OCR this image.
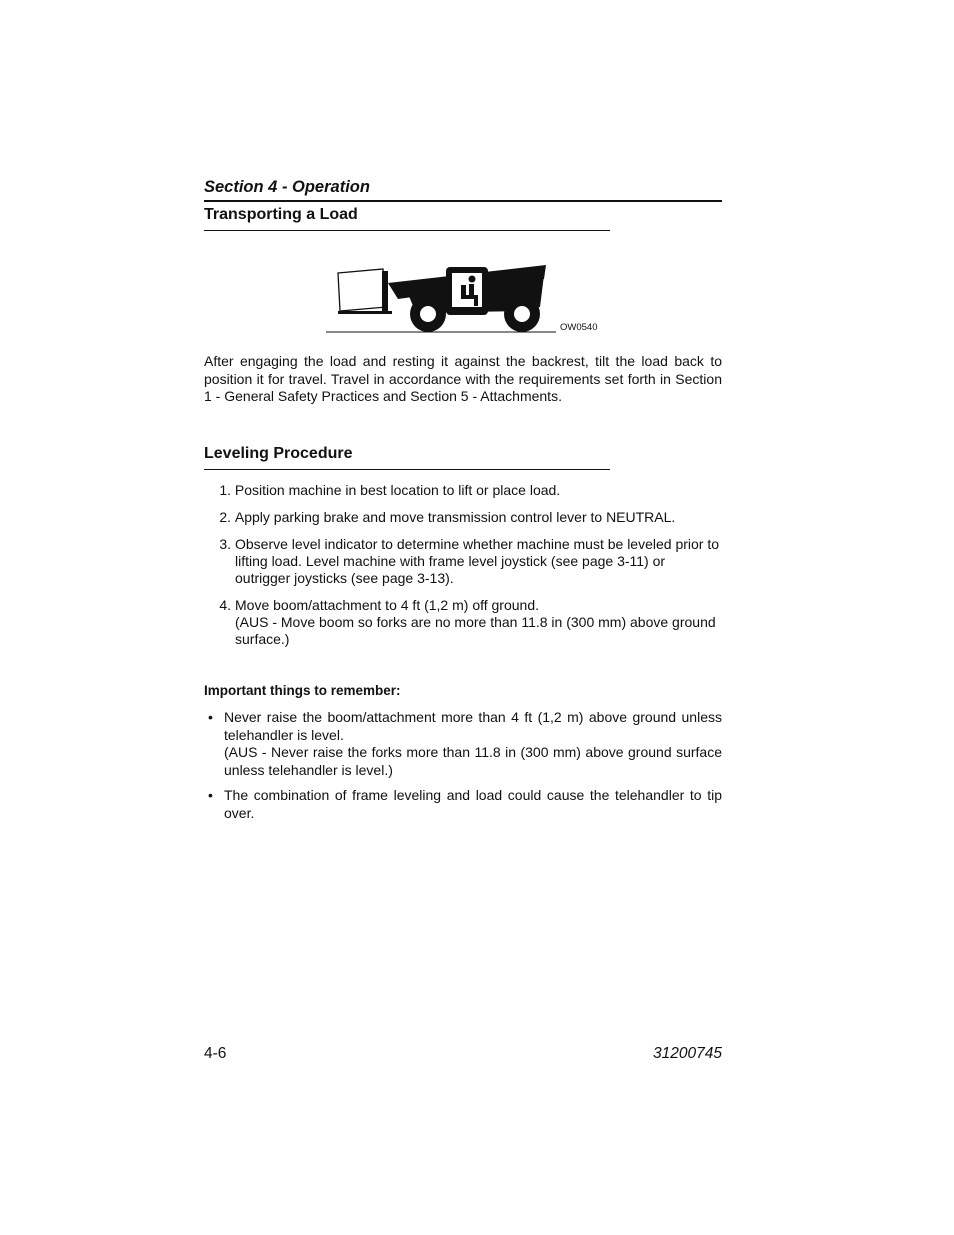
Section 4 - Operation
Transporting a Load
OW0540

After engaging the load and resting it against the backrest, tilt the load back to position it for travel. Travel in accordance with the requirements set forth in Section 1 - General Safety Practices and Section 5 - Attachments.

Leveling Procedure
1. Position machine in best location to lift or place load.
2. Apply parking brake and move transmission control lever to NEUTRAL.
3. Observe level indicator to determine whether machine must be leveled prior to lifting load. Level machine with frame level joystick (see page 3-11) or outrigger joysticks (see page 3-13).
4. Move boom/attachment to 4 ft (1,2 m) off ground.
(AUS - Move boom so forks are no more than 11.8 in (300 mm) above ground surface.)
Important things to remember:
• Never raise the boom/attachment more than 4 ft (1,2 m) above ground unless telehandler is level.
(AUS - Never raise the forks more than 11.8 in (300 mm) above ground surface unless telehandler is level.)
• The combination of frame leveling and load could cause the telehandler to tip over.
4-6	31200745
